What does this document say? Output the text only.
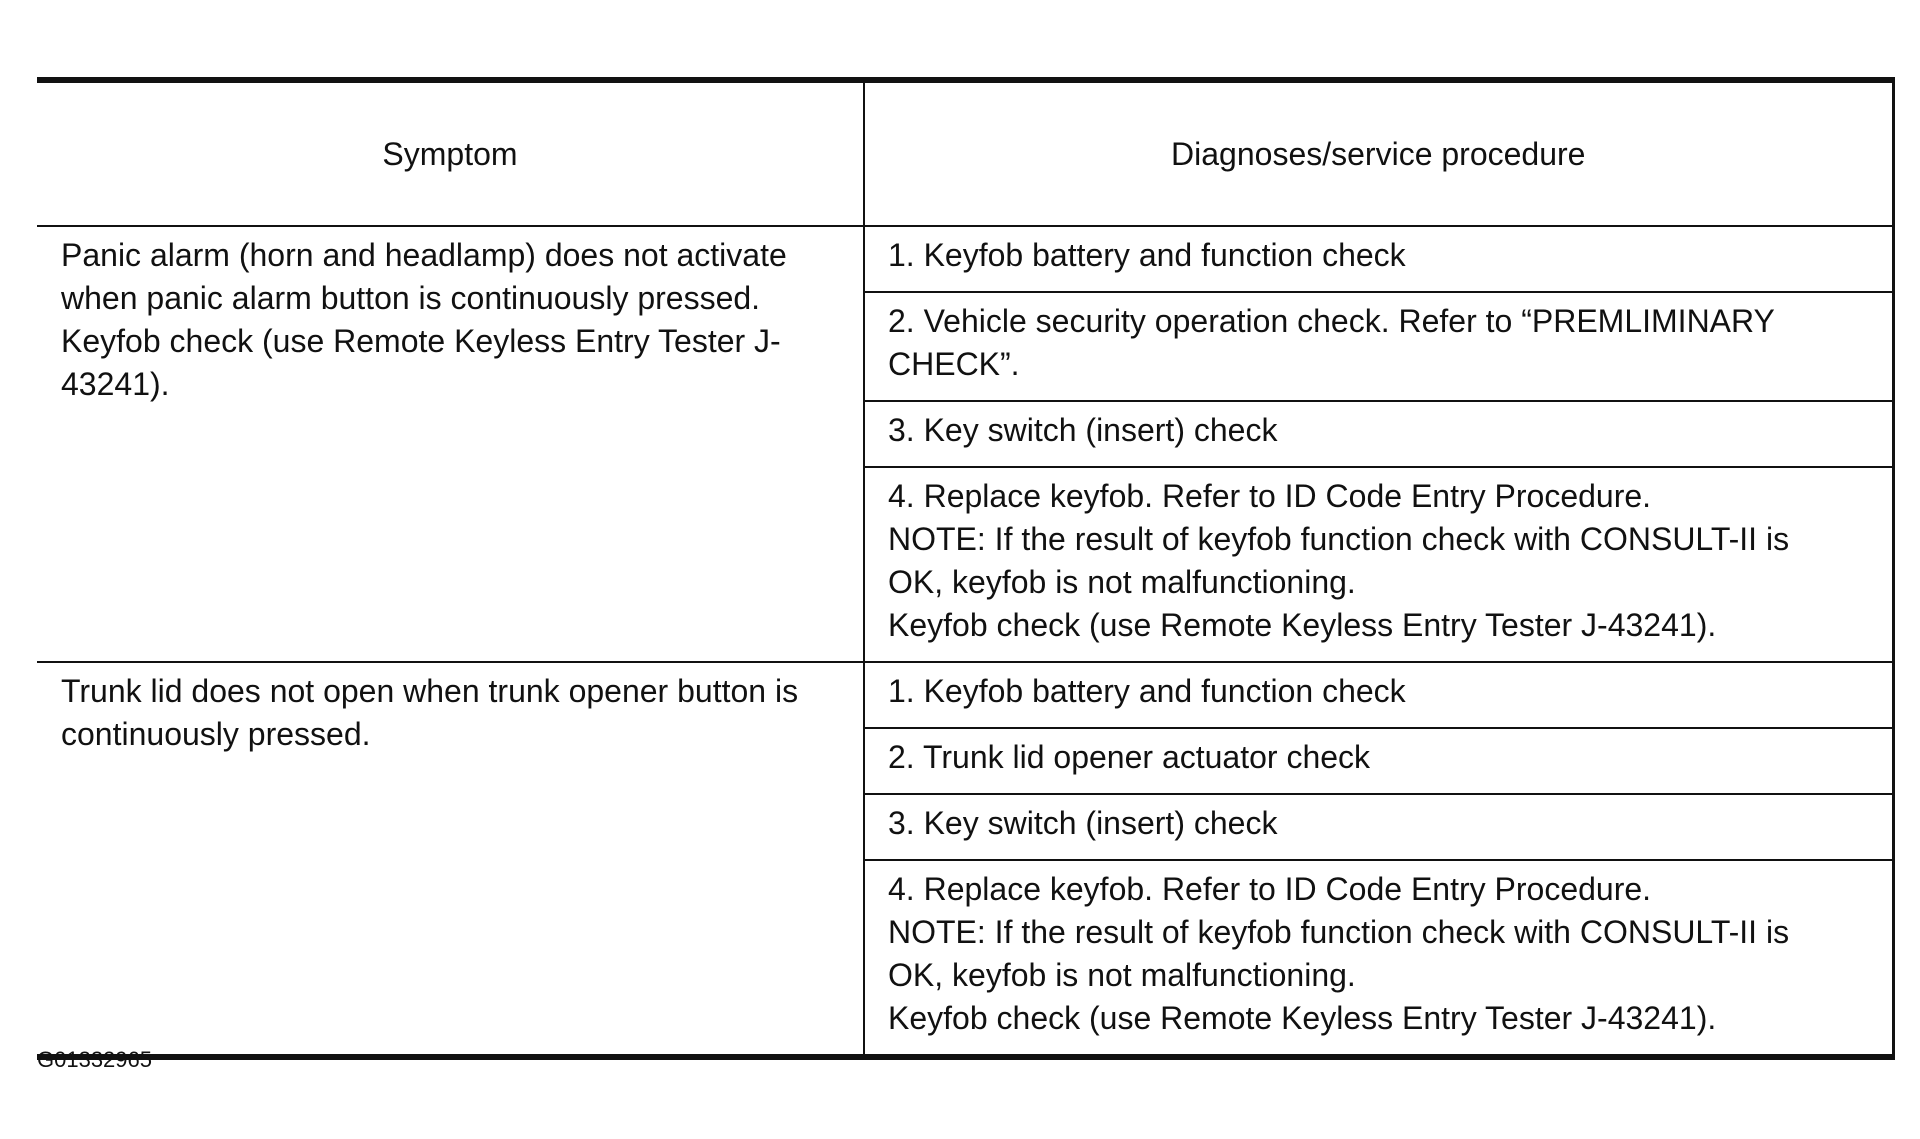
Symptom	Diagnoses/service procedure

Panic alarm (horn and headlamp) does not activate
when panic alarm button is continuously pressed.
Keyfob check (use Remote Keyless Entry Tester J-
43241).	1. Keyfob battery and function check

	2. Vehicle security operation check. Refer to “PREMLIMINARY
CHECK”.

	3. Key switch (insert) check

	4. Replace keyfob. Refer to ID Code Entry Procedure.
NOTE: If the result of keyfob function check with CONSULT-II is
OK, keyfob is not malfunctioning.
Keyfob check (use Remote Keyless Entry Tester J-43241).

Trunk lid does not open when trunk opener button is
continuously pressed.	1. Keyfob battery and function check

	2. Trunk lid opener actuator check

	3. Key switch (insert) check

	4. Replace keyfob. Refer to ID Code Entry Procedure.
NOTE: If the result of keyfob function check with CONSULT-II is
OK, keyfob is not malfunctioning.
Keyfob check (use Remote Keyless Entry Tester J-43241).
G01332965
